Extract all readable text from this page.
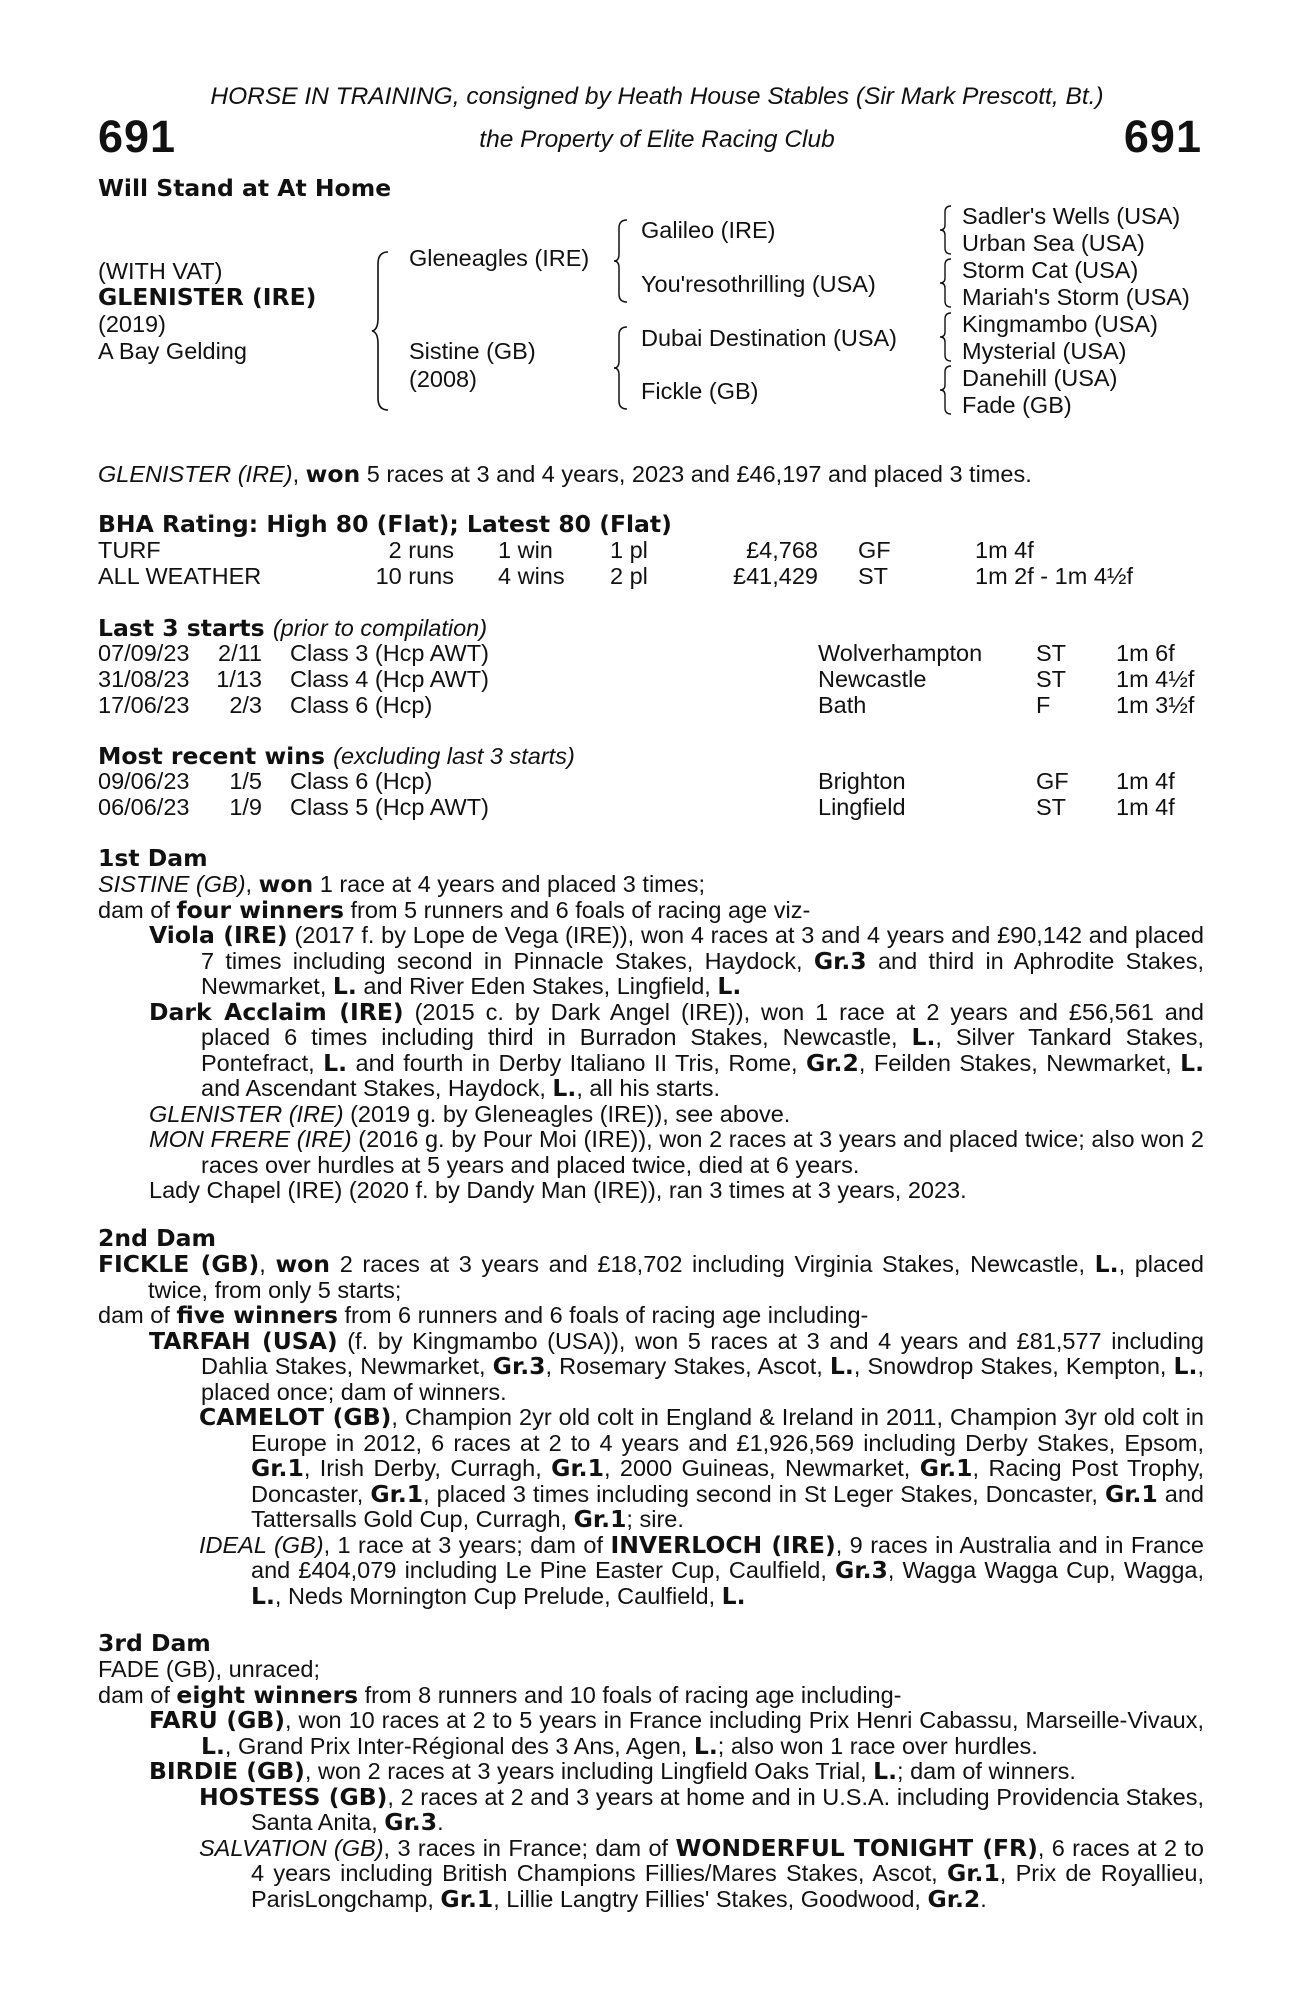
HORSE IN TRAINING, consigned by Heath House Stables (Sir Mark Prescott, Bt.)
691	the Property of Elite Racing Club	691
Will Stand at At Home
(WITH VAT)
GLENISTER (IRE)
(2019)
A Bay Gelding
Gleneagles (IRE)
Sistine (GB)
(2008)
Galileo (IRE)
You'resothrilling (USA)
Dubai Destination (USA)
Fickle (GB)
Sadler's Wells (USA)
Urban Sea (USA)
Storm Cat (USA)
Mariah's Storm (USA)
Kingmambo (USA)
Mysterial (USA)
Danehill (USA)
Fade (GB)
GLENISTER (IRE), won 5 races at 3 and 4 years, 2023 and £46,197 and placed 3 times.
BHA Rating: High 80 (Flat); Latest 80 (Flat)
TURF	2 runs 1 win 1 pl	£4,768 GF	1m 4f
ALL WEATHER	10 runs 4 wins 2 pl	£41,429 ST	1m 2f - 1m 4½f
Last 3 starts (prior to compilation)
07/09/23	2/11 Class 3 (Hcp AWT)	Wolverhampton ST 1m 6f
31/08/23	1/13 Class 4 (Hcp AWT)	Newcastle	ST 1m 4½f
17/06/23	2/3 Class 6 (Hcp)	Bath	F	1m 3½f
Most recent wins (excluding last 3 starts)
09/06/23	1/5 Class 6 (Hcp)	Brighton	GF 1m 4f
06/06/23	1/9 Class 5 (Hcp AWT)	Lingfield	ST 1m 4f
1st Dam

SISTINE (GB), won 1 race at 4 years and placed 3 times;

dam of four winners from 5 runners and 6 foals of racing age viz-

Viola (IRE) (2017 f. by Lope de Vega (IRE)), won 4 races at 3 and 4 years and £90,142 and placed 7 times including second in Pinnacle Stakes, Haydock, Gr.3 and third in Aphrodite Stakes, Newmarket, L. and River Eden Stakes, Lingfield, L.

Dark Acclaim (IRE) (2015 c. by Dark Angel (IRE)), won 1 race at 2 years and £56,561 and placed 6 times including third in Burradon Stakes, Newcastle, L., Silver Tankard Stakes, Pontefract, L. and fourth in Derby Italiano II Tris, Rome, Gr.2, Feilden Stakes, Newmarket, L. and Ascendant Stakes, Haydock, L., all his starts.

GLENISTER (IRE) (2019 g. by Gleneagles (IRE)), see above.

MON FRERE (IRE) (2016 g. by Pour Moi (IRE)), won 2 races at 3 years and placed twice; also won 2 races over hurdles at 5 years and placed twice, died at 6 years.

Lady Chapel (IRE) (2020 f. by Dandy Man (IRE)), ran 3 times at 3 years, 2023.

2nd Dam

FICKLE (GB), won 2 races at 3 years and £18,702 including Virginia Stakes, Newcastle, L., placed twice, from only 5 starts;

dam of five winners from 6 runners and 6 foals of racing age including-

TARFAH (USA) (f. by Kingmambo (USA)), won 5 races at 3 and 4 years and £81,577 including Dahlia Stakes, Newmarket, Gr.3, Rosemary Stakes, Ascot, L., Snowdrop Stakes, Kempton, L., placed once; dam of winners.

CAMELOT (GB), Champion 2yr old colt in England & Ireland in 2011, Champion 3yr old colt in Europe in 2012, 6 races at 2 to 4 years and £1,926,569 including Derby Stakes, Epsom, Gr.1, Irish Derby, Curragh, Gr.1, 2000 Guineas, Newmarket, Gr.1, Racing Post Trophy, Doncaster, Gr.1, placed 3 times including second in St Leger Stakes, Doncaster, Gr.1 and Tattersalls Gold Cup, Curragh, Gr.1; sire.

IDEAL (GB), 1 race at 3 years; dam of INVERLOCH (IRE), 9 races in Australia and in France and £404,079 including Le Pine Easter Cup, Caulfield, Gr.3, Wagga Wagga Cup, Wagga, L., Neds Mornington Cup Prelude, Caulfield, L.

3rd Dam

FADE (GB), unraced;

dam of eight winners from 8 runners and 10 foals of racing age including-

FARU (GB), won 10 races at 2 to 5 years in France including Prix Henri Cabassu, Marseille-Vivaux, L., Grand Prix Inter-Régional des 3 Ans, Agen, L.; also won 1 race over hurdles.

BIRDIE (GB), won 2 races at 3 years including Lingfield Oaks Trial, L.; dam of winners.

HOSTESS (GB), 2 races at 2 and 3 years at home and in U.S.A. including Providencia Stakes, Santa Anita, Gr.3.

SALVATION (GB), 3 races in France; dam of WONDERFUL TONIGHT (FR), 6 races at 2 to 4 years including British Champions Fillies/Mares Stakes, Ascot, Gr.1, Prix de Royallieu, ParisLongchamp, Gr.1, Lillie Langtry Fillies' Stakes, Goodwood, Gr.2.
